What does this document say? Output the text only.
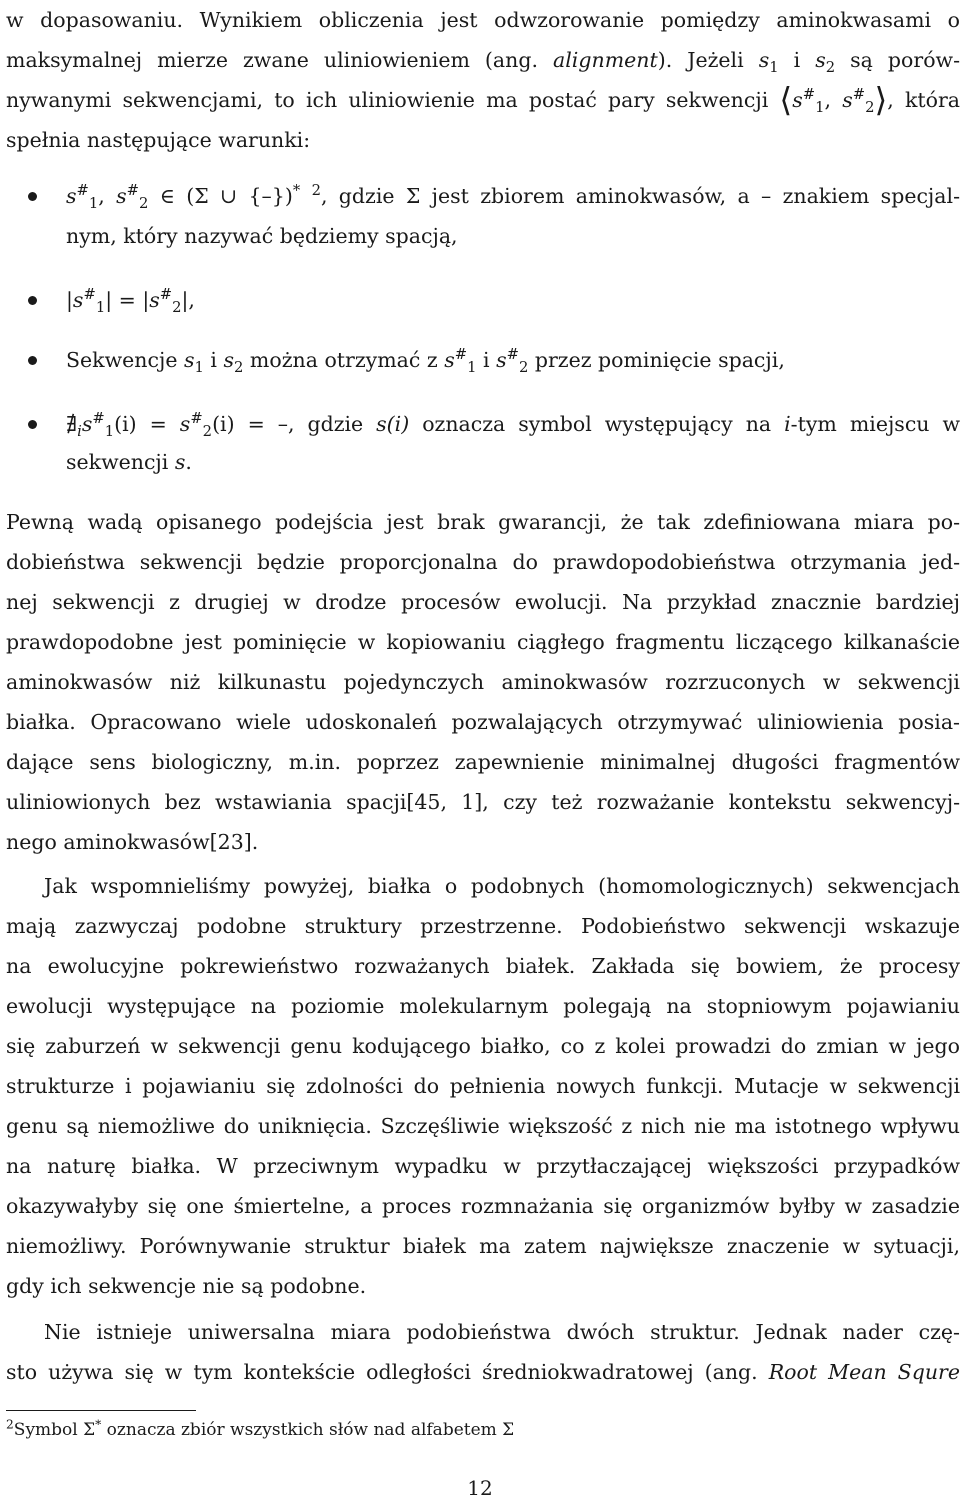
w dopasowaniu. Wynikiem obliczenia jest odwzorowanie pomiędzy aminokwasami o
maksymalnej mierze zwane uliniowieniem (ang. alignment). Jeżeli $s_1$ i $s_2$ są porów-
nywanymi sekwencjami, to ich uliniowienie ma postać pary sekwencji $⟨s^{\#}_1$, $s^{\#}_2⟩$, która
spełnia następujące warunki:
$s^{\#}_1$, $s^{\#}_2$ ∈ (Σ ∪ {–})* $^2$, gdzie Σ jest zbiorem aminokwasów, a – znakiem specjal-
nym, który nazywać będziemy spacją,
$|s^{\#}_1| = |s^{\#}_2|$,
Sekwencje $s_1$ i $s_2$ można otrzymać z $s^{\#}_1$ i $s^{\#}_2$ przez pominięcie spacji,
$∄_is^{\#}_1(i) = s^{\#}_2(i)$ = –, gdzie s(i) oznacza symbol występujący na i-tym miejscu w
sekwencji s.
Pewną wadą opisanego podejścia jest brak gwarancji, że tak zdefiniowana miara po-
dobieństwa sekwencji będzie proporcjonalna do prawdopodobieństwa otrzymania jed-
nej sekwencji z drugiej w drodze procesów ewolucji. Na przykład znacznie bardziej
prawdopodobne jest pominięcie w kopiowaniu ciągłego fragmentu liczącego kilkanaście
aminokwasów niż kilkunastu pojedynczych aminokwasów rozrzuconych w sekwencji
białka. Opracowano wiele udoskonaleń pozwalających otrzymywać uliniowienia posia-
dające sens biologiczny, m.in. poprzez zapewnienie minimalnej długości fragmentów
uliniowionych bez wstawiania spacji[45, 1], czy też rozważanie kontekstu sekwencyj-
nego aminokwasów[23].
Jak wspomnieliśmy powyżej, białka o podobnych (homomologicznych) sekwencjach
mają zazwyczaj podobne struktury przestrzenne. Podobieństwo sekwencji wskazuje
na ewolucyjne pokrewieństwo rozważanych białek. Zakłada się bowiem, że procesy
ewolucji występujące na poziomie molekularnym polegają na stopniowym pojawianiu
się zaburzeń w sekwencji genu kodującego białko, co z kolei prowadzi do zmian w jego
strukturze i pojawianiu się zdolności do pełnienia nowych funkcji. Mutacje w sekwencji
genu są niemożliwe do uniknięcia. Szczęśliwie większość z nich nie ma istotnego wpływu
na naturę białka. W przeciwnym wypadku w przytłaczającej większości przypadków
okazywałyby się one śmiertelne, a proces rozmnażania się organizmów byłby w zasadzie
niemożliwy. Porównywanie struktur białek ma zatem największe znaczenie w sytuacji,
gdy ich sekwencje nie są podobne.
Nie istnieje uniwersalna miara podobieństwa dwóch struktur. Jednak nader czę-
sto używa się w tym kontekście odległości średniokwadratowej (ang. Root Mean Squre
$^2$Symbol Σ* oznacza zbiór wszystkich słów nad alfabetem Σ
12
